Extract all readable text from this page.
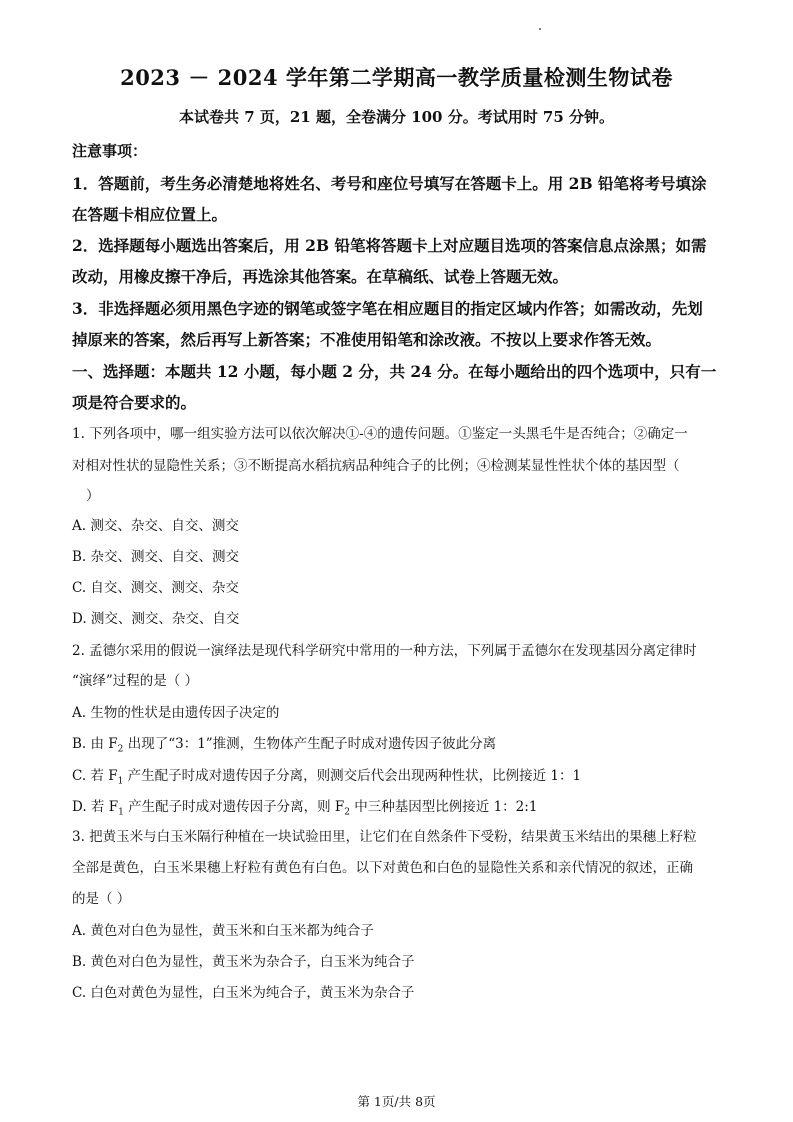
2023 － 2024 学年第二学期高一教学质量检测生物试卷
本试卷共 7 页，21 题，全卷满分 100 分。考试用时 75 分钟。
注意事项：
1．答题前，考生务必清楚地将姓名、考号和座位号填写在答题卡上。用 2B 铅笔将考号填涂
在答题卡相应位置上。
2．选择题每小题选出答案后，用 2B 铅笔将答题卡上对应题目选项的答案信息点涂黑；如需
改动，用橡皮擦干净后，再选涂其他答案。在草稿纸、试卷上答题无效。
3．非选择题必须用黑色字迹的钢笔或签字笔在相应题目的指定区域内作答；如需改动，先划
掉原来的答案，然后再写上新答案；不准使用铅笔和涂改液。不按以上要求作答无效。
一、选择题：本题共 12 小题，每小题 2 分，共 24 分。在每小题给出的四个选项中，只有一
项是符合要求的。
1. 下列各项中，哪一组实验方法可以依次解决①-④的遗传问题。①鉴定一头黑毛牛是否纯合；②确定一
对相对性状的显隐性关系；③不断提高水稻抗病品种纯合子的比例；④检测某显性性状个体的基因型（
）
A. 测交、杂交、自交、测交
B. 杂交、测交、自交、测交
C. 自交、测交、测交、杂交
D. 测交、测交、杂交、自交
2. 孟德尔采用的假说一演绎法是现代科学研究中常用的一种方法，下列属于孟德尔在发现基因分离定律时
“演绎”过程的是（ ）
A. 生物的性状是由遗传因子决定的
B. 由 $F_2$ 出现了“3：1”推测，生物体产生配子时成对遗传因子彼此分离
C. 若 $F_1$ 产生配子时成对遗传因子分离，则测交后代会出现两种性状，比例接近 1：1
D. 若 $F_1$ 产生配子时成对遗传因子分离，则 $F_2$ 中三种基因型比例接近 1：2:1
3. 把黄玉米与白玉米隔行种植在一块试验田里，让它们在自然条件下受粉，结果黄玉米结出的果穗上籽粒
全部是黄色，白玉米果穗上籽粒有黄色有白色。以下对黄色和白色的显隐性关系和亲代情况的叙述，正确
的是（ ）
A. 黄色对白色为显性，黄玉米和白玉米都为纯合子
B. 黄色对白色为显性，黄玉米为杂合子，白玉米为纯合子
C. 白色对黄色为显性，白玉米为纯合子，黄玉米为杂合子
第 1页/共 8页
